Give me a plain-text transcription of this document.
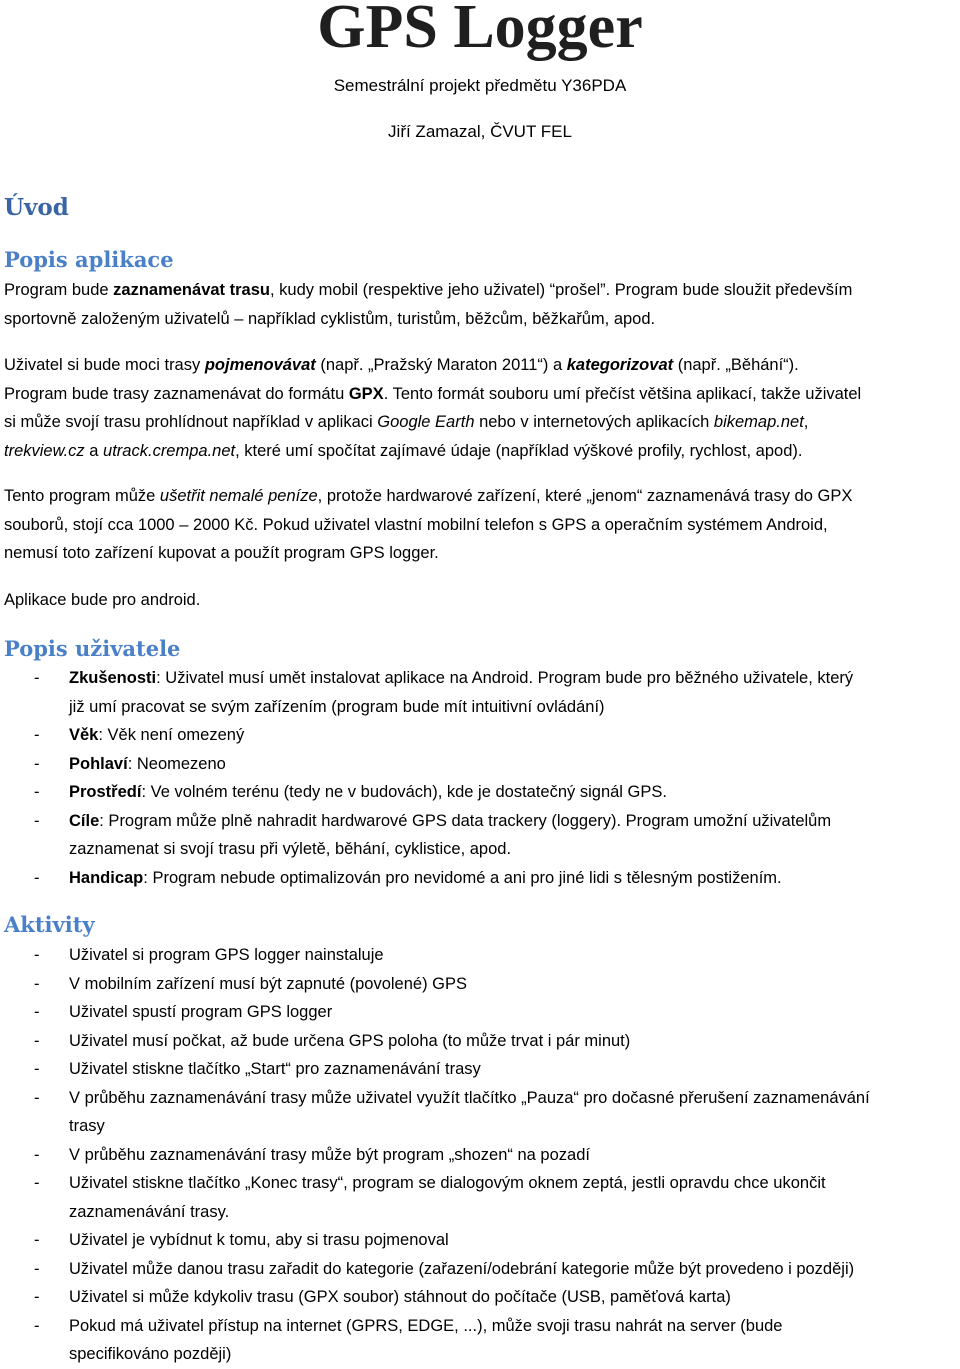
GPS Logger
Semestrální projekt předmětu Y36PDA
Jiří Zamazal, ČVUT FEL
Úvod
Popis aplikace
Program bude zaznamenávat trasu, kudy mobil (respektive jeho uživatel) “prošel”. Program bude sloužit především
sportovně založeným uživatelů – například cyklistům, turistům, běžcům, běžkařům, apod.
Uživatel si bude moci trasy pojmenovávat (např. „Pražský Maraton 2011“) a kategorizovat (např. „Běhání“).
Program bude trasy zaznamenávat do formátu GPX. Tento formát souboru umí přečíst většina aplikací, takže uživatel
si může svojí trasu prohlídnout například v aplikaci Google Earth nebo v internetových aplikacích bikemap.net,
trekview.cz a utrack.crempa.net, které umí spočítat zajímavé údaje (například výškové profily, rychlost, apod).
Tento program může ušetřit nemalé peníze, protože hardwarové zařízení, které „jenom“ zaznamenává trasy do GPX
souborů, stojí cca 1000 – 2000 Kč. Pokud uživatel vlastní mobilní telefon s GPS a operačním systémem Android,
nemusí toto zařízení kupovat a použít program GPS logger.
Aplikace bude pro android.
Popis uživatele
- Zkušenosti: Uživatel musí umět instalovat aplikace na Android. Program bude pro běžného uživatele, který
již umí pracovat se svým zařízením (program bude mít intuitivní ovládání)
- Věk: Věk není omezený
- Pohlaví: Neomezeno
- Prostředí: Ve volném terénu (tedy ne v budovách), kde je dostatečný signál GPS.
- Cíle: Program může plně nahradit hardwarové GPS data trackery (loggery). Program umožní uživatelům
zaznamenat si svojí trasu při výletě, běhání, cyklistice, apod.
- Handicap: Program nebude optimalizován pro nevidomé a ani pro jiné lidi s tělesným postižením.
Aktivity
- Uživatel si program GPS logger nainstaluje
- V mobilním zařízení musí být zapnuté (povolené) GPS
- Uživatel spustí program GPS logger
- Uživatel musí počkat, až bude určena GPS poloha (to může trvat i pár minut)
- Uživatel stiskne tlačítko „Start“ pro zaznamenávání trasy
- V průběhu zaznamenávání trasy může uživatel využít tlačítko „Pauza“ pro dočasné přerušení zaznamenávání
trasy
- V průběhu zaznamenávání trasy může být program „shozen“ na pozadí
- Uživatel stiskne tlačítko „Konec trasy“, program se dialogovým oknem zeptá, jestli opravdu chce ukončit
zaznamenávání trasy.
- Uživatel je vybídnut k tomu, aby si trasu pojmenoval
- Uživatel může danou trasu zařadit do kategorie (zařazení/odebrání kategorie může být provedeno i později)
- Uživatel si může kdykoliv trasu (GPX soubor) stáhnout do počítače (USB, paměťová karta)
- Pokud má uživatel přístup na internet (GPRS, EDGE, ...), může svoji trasu nahrát na server (bude
specifikováno později)
